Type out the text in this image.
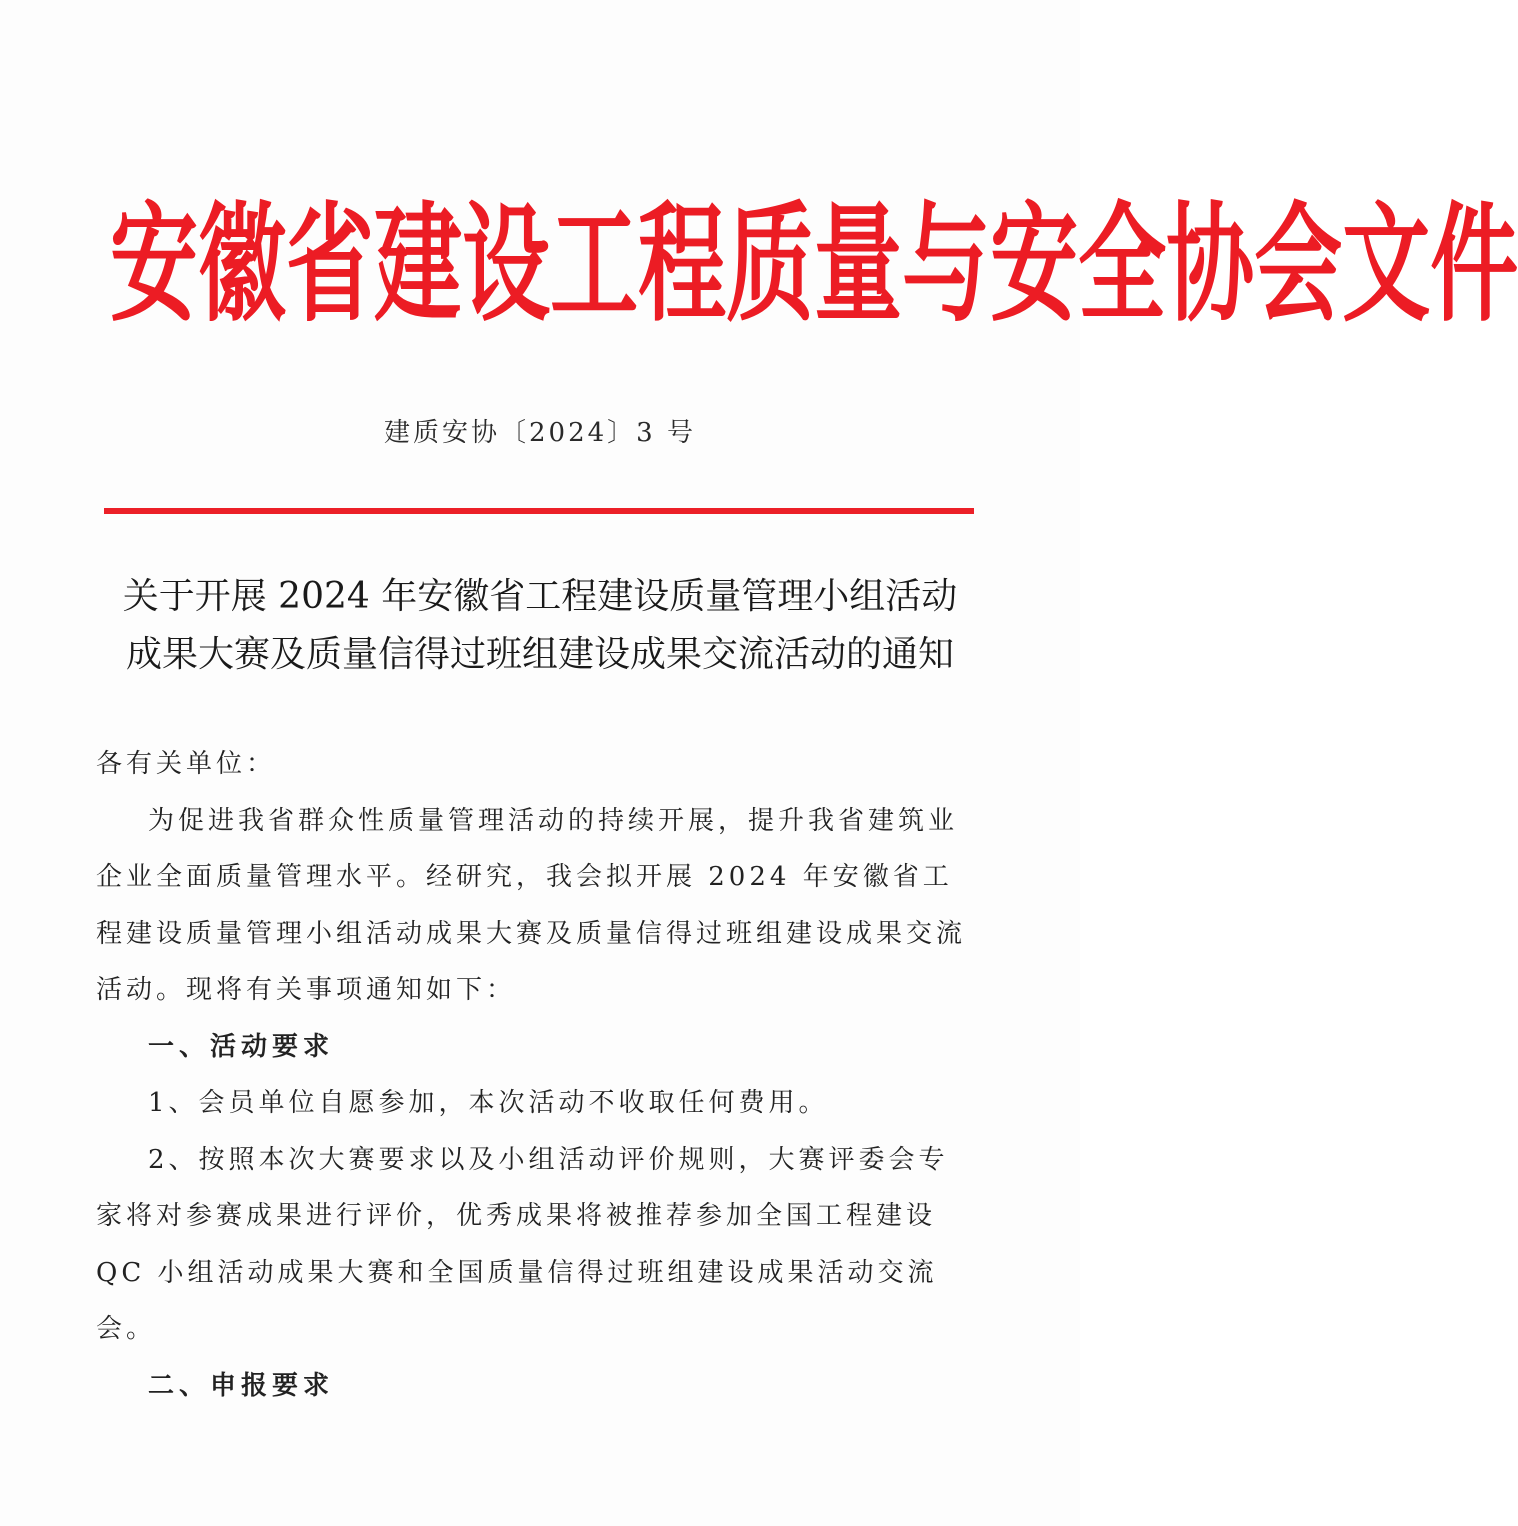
安 徽 省 建 设 工 程 质 量 与 安 全 协 会 文 件
建质安协〔2024〕3 号
关于开展 2024 年安徽省工程建设质量管理小组活动
成果大赛及质量信得过班组建设成果交流活动的通知

各有关单位：

为促进我省群众性质量管理活动的持续开展，提升我省建筑业企业全面质量管理水平。经研究，我会拟开展 2024 年安徽省工程建设质量管理小组活动成果大赛及质量信得过班组建设成果交流活动。现将有关事项通知如下：

一、活动要求

1、会员单位自愿参加，本次活动不收取任何费用。

2、按照本次大赛要求以及小组活动评价规则，大赛评委会专家将对参赛成果进行评价，优秀成果将被推荐参加全国工程建设 QC 小组活动成果大赛和全国质量信得过班组建设成果活动交流会。

二、申报要求
